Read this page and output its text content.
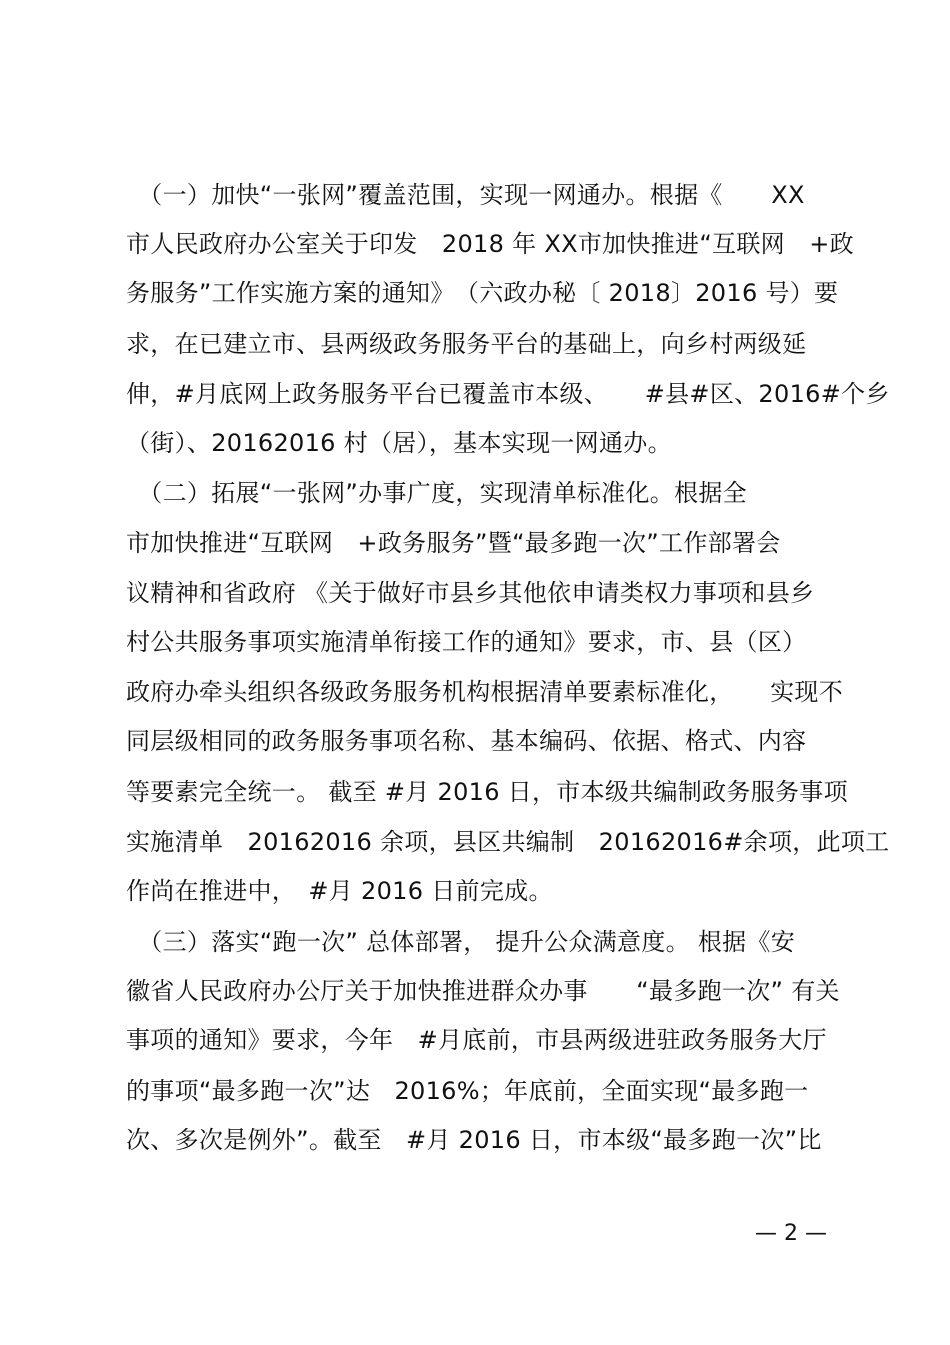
　（一）加快“一张网”覆盖范围，实现一网通办。根据《　　XX
市人民政府办公室关于印发　2018 年 XX市加快推进“互联网　+政
务服务”工作实施方案的通知》　（六政办秘〔 2018〕2016 号）要
求，在已建立市、县两级政务服务平台的基础上，向乡村两级延
伸，#月底网上政务服务平台已覆盖市本级、　　#县#区、2016#个乡
（街）、20162016 村（居），基本实现一网通办。
　（二）拓展“一张网”办事广度，实现清单标准化。根据全
市加快推进“互联网　+政务服务”暨“最多跑一次”工作部署会
议精神和省政府 《关于做好市县乡其他依申请类权力事项和县乡
村公共服务事项实施清单衔接工作的通知》要求，市、县（区）
政府办牵头组织各级政务服务机构根据清单要素标准化，　　实现不
同层级相同的政务服务事项名称、基本编码、依据、格式、内容
等要素完全统一。 截至 #月 2016 日，市本级共编制政务服务事项
实施清单　20162016 余项，县区共编制　20162016#余项，此项工
作尚在推进中，　#月 2016 日前完成。
　（三）落实“跑一次” 总体部署， 提升公众满意度。 根据《安
徽省人民政府办公厅关于加快推进群众办事　　“最多跑一次” 有关
事项的通知》要求，今年　#月底前，市县两级进驻政务服务大厅
的事项“最多跑一次”达　2016%；年底前，全面实现“最多跑一
次、多次是例外”。截至　#月 2016 日，市本级“最多跑一次”比
— 2 —
